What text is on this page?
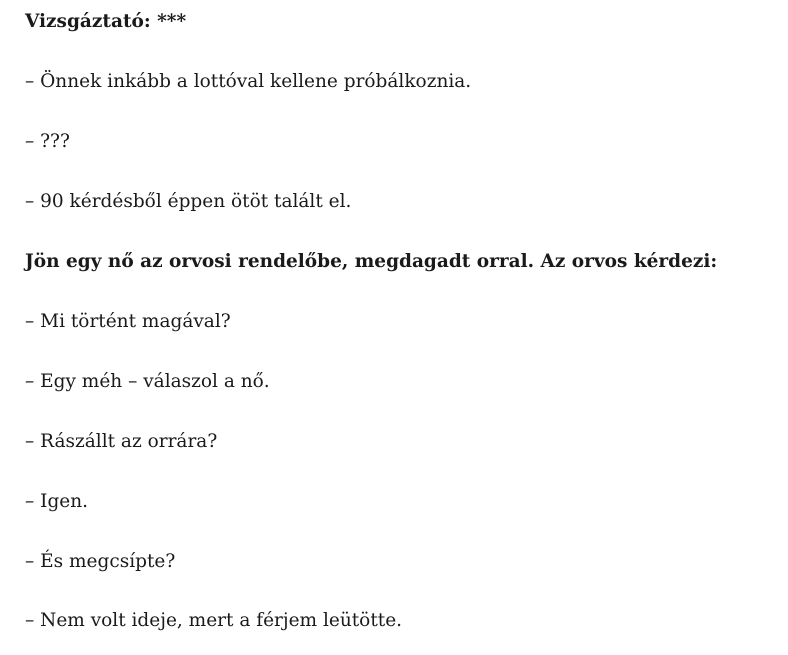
Vizsgáztató: ***
– Önnek inkább a lottóval kellene próbálkoznia.
– ???
– 90 kérdésből éppen ötöt talált el.
Jön egy nő az orvosi rendelőbe, megdagadt orral. Az orvos kérdezi:
– Mi történt magával?
– Egy méh – válaszol a nő.
– Rászállt az orrára?
– Igen.
– És megcsípte?
– Nem volt ideje, mert a férjem leütötte.
